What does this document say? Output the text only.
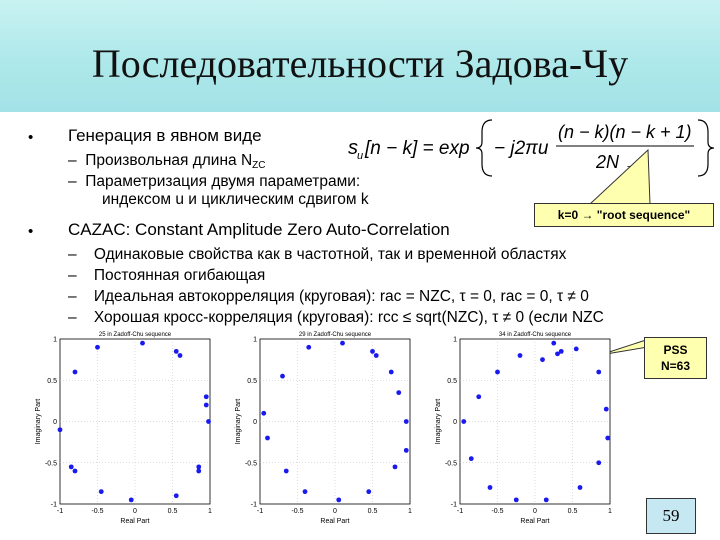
Последовательности Задова-Чу
• Генерация в явном виде
–  Произвольная длина $N_{ZC}$
–  Параметризация двумя параметрами:
индексом u и циклическим сдвигом k
s u [n − k] = exp − j2πu
(n − k)(n − k + 1)
2N
k=0 → "root sequence"
• CAZAC: Constant Amplitude Zero Auto-Correlation
–    Одинаковые свойства как в частотной, так и временной областях
–    Постоянная огибающая
–    Идеальная автокорреляция (круговая): rac = NZC, τ = 0, rac = 0, τ ≠ 0
–    Хорошая кросс-корреляция (круговая): rcc ≤ sqrt(NZC), τ ≠ 0 (если NZC
PSS
N=63
25 in Zadoff-Chu sequence
-1	-0.5	0	0.5	1
1
0.5
0
-0.5
-1
Real Part
Imaginary Part
29 in Zadoff-Chu sequence
-1	-0.5	0	0.5	1
1
0.5
0
-0.5
-1
Real Part
Imaginary Part
34 in Zadoff-Chu sequence
-1	-0.5	0	0.5	1
1
0.5
0
-0.5
-1
Real Part
Imaginary Part
59
